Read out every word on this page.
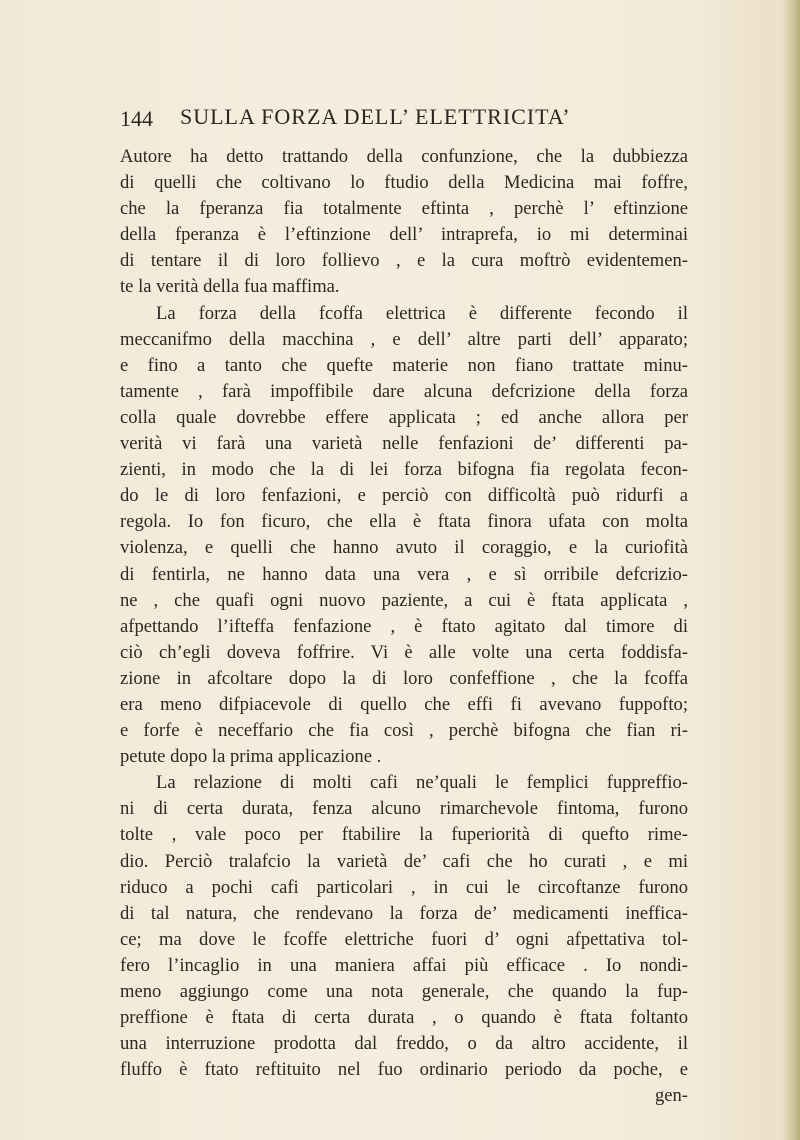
144 SULLA FORZA DELL’ ELETTRICITA’
Autore ha detto trattando della confunzione, che la dubbiezza
di quelli che coltivano lo ftudio della Medicina mai foffre,
che la fperanza fia totalmente eftinta , perchè l’ eftinzione
della fperanza è l’eftinzione dell’ intraprefa, io mi determinai
di tentare il di loro follievo , e la cura moftrò evidentemen-
te la verità della fua maffima.
La forza della fcoffa elettrica è differente fecondo il
meccanifmo della macchina , e dell’ altre parti dell’ apparato;
e fino a tanto che quefte materie non fiano trattate minu-
tamente , farà impoffibile dare alcuna defcrizione della forza
colla quale dovrebbe effere applicata ; ed anche allora per
verità vi farà una varietà nelle fenfazioni de’ differenti pa-
zienti, in modo che la di lei forza bifogna fia regolata fecon-
do le di loro fenfazioni, e perciò con difficoltà può ridurfi a
regola. Io fon ficuro, che ella è ftata finora ufata con molta
violenza, e quelli che hanno avuto il coraggio, e la curiofità
di fentirla, ne hanno data una vera , e sì orribile defcrizio-
ne , che quafi ogni nuovo paziente, a cui è ftata applicata ,
afpettando l’ifteffa fenfazione , è ftato agitato dal timore di
ciò ch’egli doveva foffrire. Vi è alle volte una certa foddisfa-
zione in afcoltare dopo la di loro confeffione , che la fcoffa
era meno difpiacevole di quello che effi fi avevano fuppofto;
e forfe è neceffario che fia così , perchè bifogna che fian ri-
petute dopo la prima applicazione .
La relazione di molti cafi ne’quali le femplici fuppreffio-
ni di certa durata, fenza alcuno rimarchevole fintoma, furono
tolte , vale poco per ftabilire la fuperiorità di quefto rime-
dio. Perciò tralafcio la varietà de’ cafi che ho curati , e mi
riduco a pochi cafi particolari , in cui le circoftanze furono
di tal natura, che rendevano la forza de’ medicamenti ineffica-
ce; ma dove le fcoffe elettriche fuori d’ ogni afpettativa tol-
fero l’incaglio in una maniera affai più efficace . Io nondi-
meno aggiungo come una nota generale, che quando la fup-
preffione è ftata di certa durata , o quando è ftata foltanto
una interruzione prodotta dal freddo, o da altro accidente, il
fluffo è ftato reftituito nel fuo ordinario periodo da poche, e
gen-
